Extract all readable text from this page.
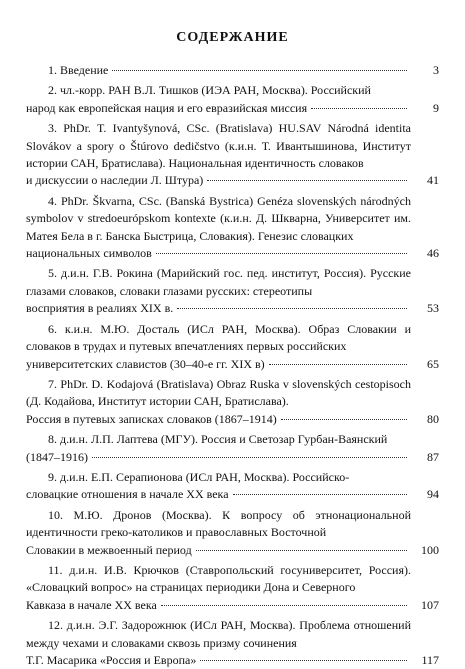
СОДЕРЖАНИЕ
1. Введение	3
2. чл.-корр. РАН В.Л. Тишков (ИЭА РАН, Москва). Российский
народ как европейская нация и его евразийская миссия	9
3. PhDr. T. Ivantyšynová, CSc. (Bratislava) HU.SAV Národná identita Slovákov a spory o Štúrovo dedičstvo (к.и.н. Т. Ивантышинова, Институт истории САН, Братислава). Национальная идентичность словаков
и дискуссии о наследии Л. Штура)	41
4. PhDr. Škvarna, CSc. (Banská Bystrica) Genéza slovenských národných symbolov v stredoeurópskom kontexte (к.и.н. Д. Шкварна, Университет им. Матея Бела в г. Банска Быстрица, Словакия). Генезис словацких
национальных символов	46
5. д.и.н. Г.В. Рокина (Марийский гос. пед. институт, Россия). Русские глазами словаков, словаки глазами русских: стереотипы
восприятия в реалиях XIX в.	53
6. к.и.н. М.Ю. Досталь (ИСл РАН, Москва). Образ Словакии и словаков в трудах и путевых впечатлениях первых российских
университетских славистов (30–40-е гг. XIX в)	65
7. PhDr. D. Kodajová (Bratislava) Obraz Ruska v slovenských cestopisoch (Д. Кодайова, Институт истории САН, Братислава).
Россия в путевых записках словаков (1867–1914)	80
8. д.и.н. Л.П. Лаптева (МГУ). Россия и Светозар Гурбан-Ваянский
(1847–1916)	87
9. д.и.н. Е.П. Серапионова (ИСл РАН, Москва). Российско-
словацкие отношения в начале XX века	94
10. М.Ю. Дронов (Москва). К вопросу об этнонациональной идентичности греко-католиков и православных Восточной
Словакии в межвоенный период	100
11. д.и.н. И.В. Крючков (Ставропольский госуниверситет, Россия). «Словацкий вопрос» на страницах периодики Дона и Северного
Кавказа в начале XX века	107
12. д.и.н. Э.Г. Задорожнюк (ИСл РАН, Москва). Проблема отношений между чехами и словаками сквозь призму сочинения
Т.Г. Масарика «Россия и Европа»	117
